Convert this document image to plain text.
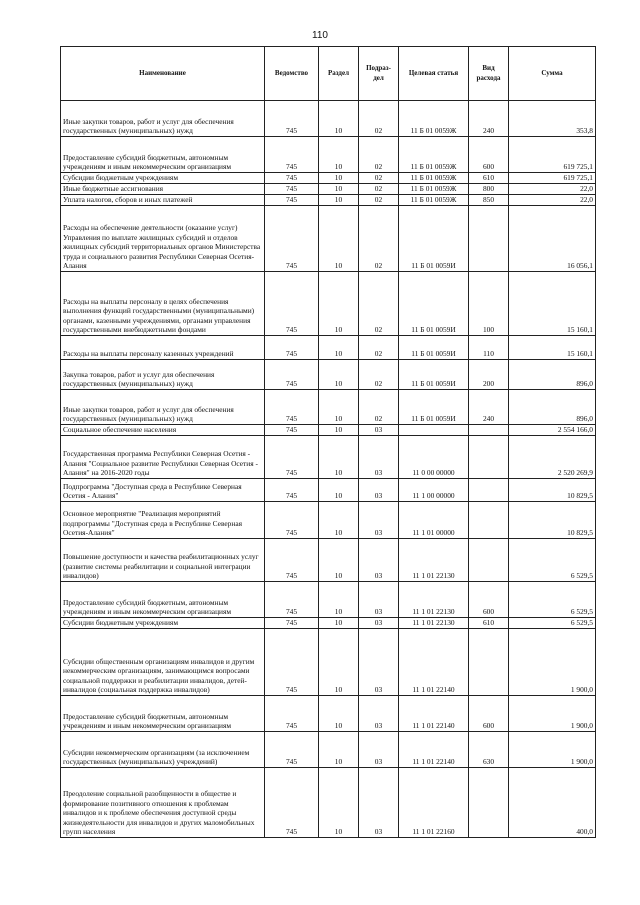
110
Наименование	Ведомство	Раздел	Подраз-дел	Целевая статья	Вид расхода	Сумма
Иные закупки товаров, работ и услуг для обеспечения государственных (муниципальных) нужд	745	10	02	11 Б 01 0059Ж	240	353,8
Предоставление субсидий бюджетным, автономным учреждениям и иным некоммерческим организациям	745	10	02	11 Б 01 0059Ж	600	619 725,1
Субсидии бюджетным учреждениям	745	10	02	11 Б 01 0059Ж	610	619 725,1
Иные бюджетные ассигнования	745	10	02	11 Б 01 0059Ж	800	22,0
Уплата налогов, сборов и иных платежей	745	10	02	11 Б 01 0059Ж	850	22,0
Расходы на обеспечение деятельности (оказание услуг) Управления по выплате жилищных субсидий и отделов жилищных субсидий территориальных органов Министерства труда и социального развития Республики Северная Осетия-Алания	745	10	02	11 Б 01 0059И		16 056,1
Расходы на выплаты персоналу в целях обеспечения выполнения функций государственными (муниципальными) органами, казенными учреждениями, органами управления государственными внебюджетными фондами	745	10	02	11 Б 01 0059И	100	15 160,1
Расходы на выплаты персоналу казенных учреждений	745	10	02	11 Б 01 0059И	110	15 160,1
Закупка товаров, работ и услуг для обеспечения государственных (муниципальных) нужд	745	10	02	11 Б 01 0059И	200	896,0
Иные закупки товаров, работ и услуг для обеспечения государственных (муниципальных) нужд	745	10	02	11 Б 01 0059И	240	896,0
Социальное обеспечение населения	745	10	03			2 554 166,0
Государственная программа Республики Северная Осетия - Алания "Социальное развитие Республики Северная Осетия - Алания" на 2016-2020 годы	745	10	03	11 0 00 00000		2 520 269,9
Подпрограмма "Доступная среда в Республике Северная Осетия - Алания"	745	10	03	11 1 00 00000		10 829,5
Основное мероприятие "Реализация мероприятий подпрограммы "Доступная среда в Республике Северная Осетия-Алания"	745	10	03	11 1 01 00000		10 829,5
Повышение доступности и качества реабилитационных услуг (развитие системы реабилитации и социальной интеграции инвалидов)	745	10	03	11 1 01 22130		6 529,5
Предоставление субсидий бюджетным, автономным учреждениям и иным некоммерческим организациям	745	10	03	11 1 01 22130	600	6 529,5
Субсидии бюджетным учреждениям	745	10	03	11 1 01 22130	610	6 529,5
Субсидии общественным организациям инвалидов и другим некоммерческим организациям, занимающимся вопросами социальной поддержки и реабилитации инвалидов, детей-инвалидов (социальная поддержка инвалидов)	745	10	03	11 1 01 22140		1 900,0
Предоставление субсидий бюджетным, автономным учреждениям и иным некоммерческим организациям	745	10	03	11 1 01 22140	600	1 900,0
Субсидии некоммерческим организациям (за исключением государственных (муниципальных) учреждений)	745	10	03	11 1 01 22140	630	1 900,0
Преодоление социальной разобщенности в обществе и формирование позитивного отношения к проблемам инвалидов и к проблеме обеспечения доступной среды жизнедеятельности для инвалидов и других маломобильных групп населения	745	10	03	11 1 01 22160		400,0
